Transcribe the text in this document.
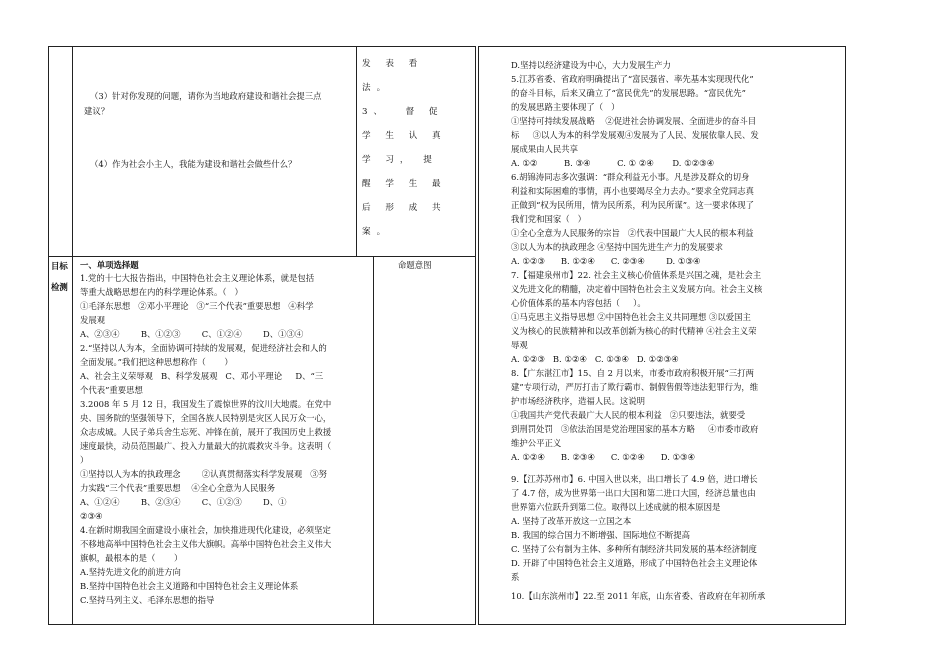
（3）针对你发现的问题，请你为当地政府建设和谐社会提三点
建议？
（4）作为社会小主人，我能为建设和谐社会做些什么？
发 表 看
法。
3、  督 促
学 生 认 真
学 习， 提
醒 学 生 最
后 形 成 共
案。
目标
检测
一、单项选择题	命题意图
1.党的十七大报告指出，中国特色社会主义理论体系，就是包括
等重大战略思想在内的科学理论体系。（   ）
①毛泽东思想   ②邓小平理论   ③“三个代表”重要思想   ④科学
发展观
A、②③④        B、①②③        C、①②④        D、①③④
2.“坚持以人为本，全面协调可持续的发展观，促进经济社会和人的
全面发展。”我们把这种思想称作（       ）
A、社会主义荣辱观   B、科学发展观   C、邓小平理论     D、“三
个代表”重要思想
3.2008 年 5 月 12 日，我国发生了震惊世界的汶川大地震。在党中
央、国务院的坚强领导下，全国各族人民特别是灾区人民万众一心，
众志成城。人民子弟兵舍生忘死、冲锋在前，展开了我国历史上救援
速度最快，动员范围最广、投入力量最大的抗震救灾斗争。这表明（
）
①坚持以人为本的执政理念        ②认真贯彻落实科学发展观   ③努
力实践“三个代表”重要思想    ④全心全意为人民服务
A、①②④        B、②③④        C、①②③        D、①
②③④
4.在新时期我国全面建设小康社会，加快推进现代化建设，必须坚定
不移地高举中国特色社会主义伟大旗帜。高举中国特色社会主义伟大
旗帜，最根本的是（       ）
A.坚持先进文化的前进方向
B.坚持中国特色社会主义道路和中国特色社会主义理论体系
C.坚持马列主义、毛泽东思想的指导
D.坚持以经济建设为中心，大力发展生产力
5.江苏省委、省政府明确提出了“富民强省、率先基本实现现代化”
的奋斗目标，后来又确立了“富民优先”的发展思路。“富民优先”
的发展思路主要体现了（   ）
①坚持可持续发展战略    ②促进社会协调发展、全面进步的奋斗目
标     ③以人为本的科学发展观④发展为了人民、发展依靠人民、发
展成果由人民共享
A. ①②          B. ③④          C. ① ②④       D. ①②③④
6.胡锦涛同志多次强调：“群众利益无小事。凡是涉及群众的切身
利益和实际困难的事情，再小也要竭尽全力去办。”要求全党同志真
正做到“权为民所用，情为民所系，利为民所谋”。这一要求体现了
我们党和国家（   ）
①全心全意为人民服务的宗旨   ②代表中国最广大人民的根本利益
③以人为本的执政理念 ④坚持中国先进生产力的发展要求
A. ①②③      B. ①②④      C. ②③④        D. ①③④
7.【福建泉州市】22. 社会主义核心价值体系是兴国之魂，是社会主
义先进文化的精髓，决定着中国特色社会主义发展方向。社会主义核
心价值体系的基本内容包括（     ）。
①马克思主义指导思想 ②中国特色社会主义共同理想 ③以爱国主
义为核心的民族精神和以改革创新为核心的时代精神 ④社会主义荣
辱观
A. ①②③   B. ①②④   C. ①③④   D. ①②③④
8.【广东湛江市】15、自 2 月以来，市委市政府积极开展“三打两
建”专项行动，严厉打击了欺行霸市、制假售假等违法犯罪行为，维
护市场经济秩序，造福人民。这说明
①我国共产党代表最广大人民的根本利益   ②只要违法，就要受
到刑罚处罚   ③依法治国是党治理国家的基本方略     ④市委市政府
维护公平正义
A. ①②④      B. ②③④      C. ①②④      D. ①③④
9.【江苏苏州市】6. 中国入世以来，出口增长了 4.9 倍，进口增长
了 4.7 倍，成为世界第一出口大国和第二进口大国，经济总量也由
世界第六位跃升到第二位。取得以上述成就的根本原因是
A. 坚持了改革开放这一立国之本
B. 我国的综合国力不断增强、国际地位不断提高
C. 坚持了公有制为主体、多种所有制经济共同发展的基本经济制度
D. 开辟了中国特色社会主义道路，形成了中国特色社会主义理论体
系
10.【山东滨州市】22.至 2011 年底，山东省委、省政府在年初所承
